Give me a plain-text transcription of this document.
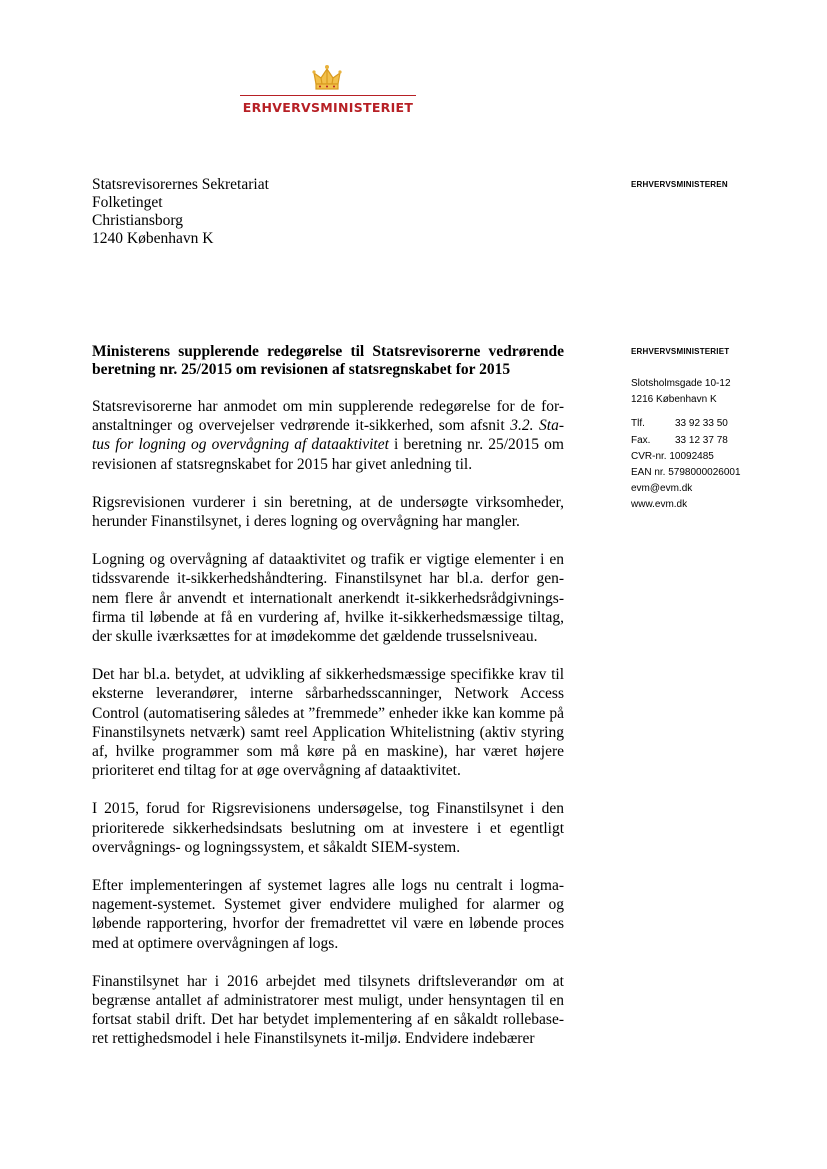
ERHVERVSMINISTERIET
Statsrevisorernes Sekretariat
Folketinget
Christiansborg
1240 København K
ERHVERVSMINISTEREN
Ministerens supplerende redegørelse til Statsrevisorerne vedrørende beretning nr. 25/2015 om revisionen af statsregnskabet for 2015

Statsrevisorerne har anmodet om min supplerende redegørelse for de for-anstaltninger og overvejelser vedrørende it-sikkerhed, som afsnit 3.2. Sta-tus for logning og overvågning af dataaktivitet i beretning nr. 25/2015 om revisionen af statsregnskabet for 2015 har givet anledning til.

Rigsrevisionen vurderer i sin beretning, at de undersøgte virksomheder, herunder Finanstilsynet, i deres logning og overvågning har mangler.

Logning og overvågning af dataaktivitet og trafik er vigtige elementer i en tidssvarende it-sikkerhedshåndtering. Finanstilsynet har bl.a. derfor gen-nem flere år anvendt et internationalt anerkendt it-sikkerhedsrådgivnings-firma til løbende at få en vurdering af, hvilke it-sikkerhedsmæssige tiltag, der skulle iværksættes for at imødekomme det gældende trusselsniveau.

Det har bl.a. betydet, at udvikling af sikkerhedsmæssige specifikke krav til eksterne leverandører, interne sårbarhedsscanninger, Network Access Control (automatisering således at ”fremmede” enheder ikke kan komme på Finanstilsynets netværk) samt reel Application Whitelistning (aktiv styring af, hvilke programmer som må køre på en maskine), har været højere prioriteret end tiltag for at øge overvågning af dataaktivitet.

I 2015, forud for Rigsrevisionens undersøgelse, tog Finanstilsynet i den prioriterede sikkerhedsindsats beslutning om at investere i et egentligt overvågnings- og logningssystem, et såkaldt SIEM-system.

Efter implementeringen af systemet lagres alle logs nu centralt i logma-nagement-systemet. Systemet giver endvidere mulighed for alarmer og løbende rapportering, hvorfor der fremadrettet vil være en løbende proces med at optimere overvågningen af logs.

Finanstilsynet har i 2016 arbejdet med tilsynets driftsleverandør om at begrænse antallet af administratorer mest muligt, under hensyntagen til en fortsat stabil drift. Det har betydet implementering af en såkaldt rollebase-ret rettighedsmodel i hele Finanstilsynets it-miljø. Endvidere indebærer

ERHVERVSMINISTERIET
Slotsholmsgade 10-12
1216 København K
Tlf.	33 92 33 50
Fax. 33 12 37 78
CVR-nr. 10092485
EAN nr. 5798000026001
evm@evm.dk
www.evm.dk
